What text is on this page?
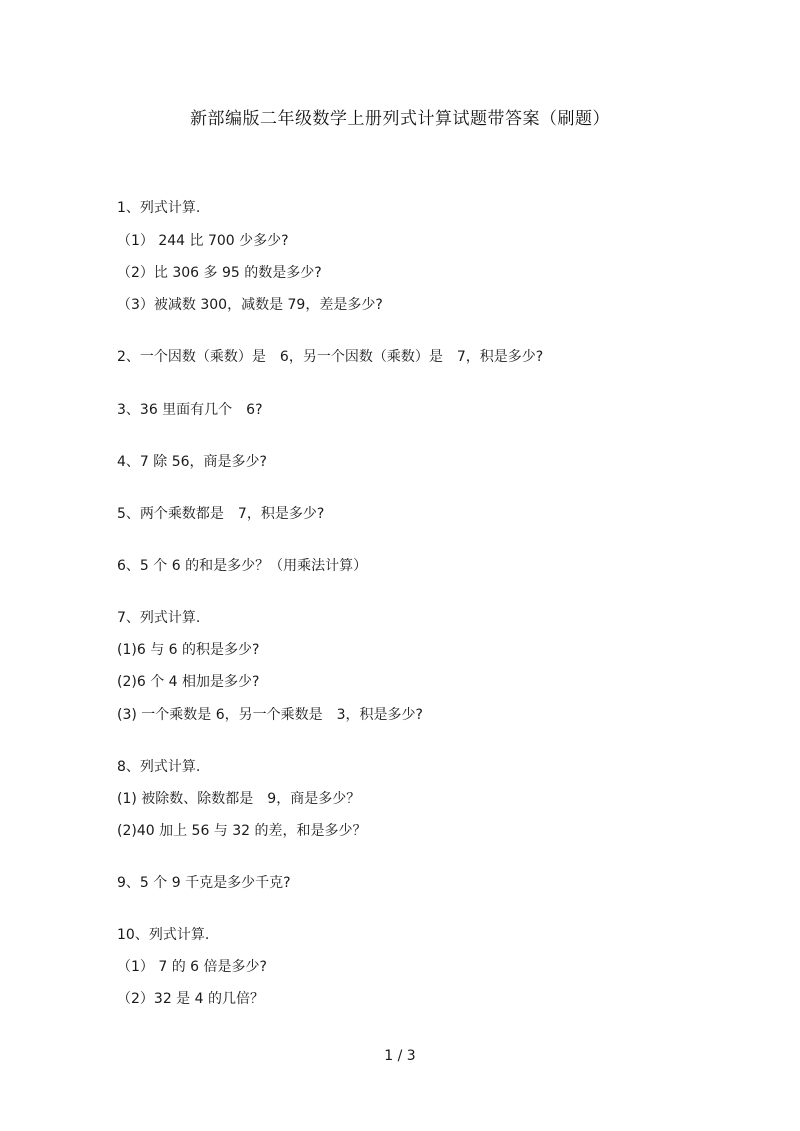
新部编版二年级数学上册列式计算试题带答案（刷题）
1、列式计算.
（1） 244 比 700 少多少?
（2）比 306 多 95 的数是多少?
（3）被减数 300，减数是 79，差是多少?
2、一个因数（乘数）是　6，另一个因数（乘数）是　7，积是多少?
3、36 里面有几个　6?
4、7 除 56，商是多少?
5、两个乘数都是　7，积是多少?
6、5 个 6 的和是多少？（用乘法计算）
7、列式计算.
(1)6 与 6 的积是多少?
(2)6 个 4 相加是多少?
(3) 一个乘数是 6，另一个乘数是　3，积是多少?
8、列式计算.
(1) 被除数、除数都是　9，商是多少？
(2)40 加上 56 与 32 的差，和是多少？
9、5 个 9 千克是多少千克?
10、列式计算.
（1） 7 的 6 倍是多少?
（2）32 是 4 的几倍？
1 / 3
